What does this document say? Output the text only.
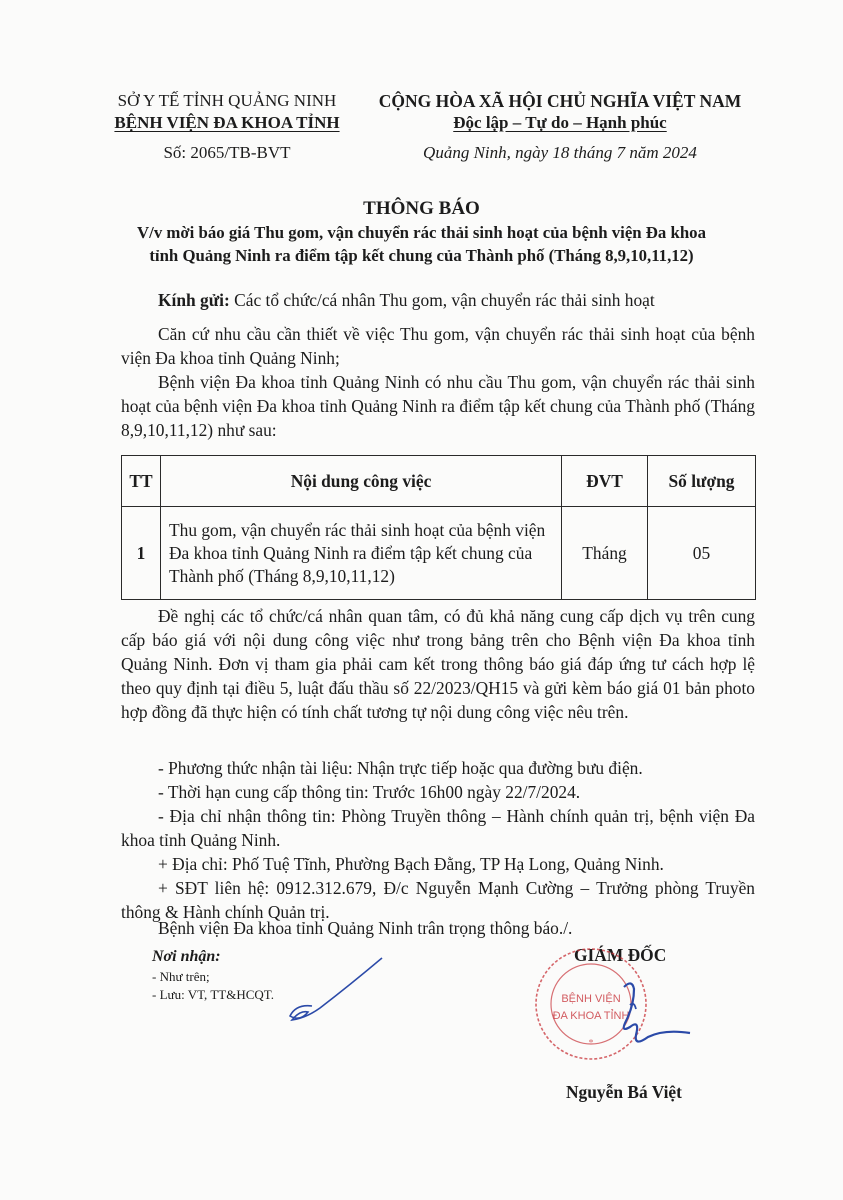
SỞ Y TẾ TỈNH QUẢNG NINH
BỆNH VIỆN ĐA KHOA TỈNH
Số: 2065/TB-BVT
CỘNG HÒA XÃ HỘI CHỦ NGHĨA VIỆT NAM
Độc lập – Tự do – Hạnh phúc
Quảng Ninh, ngày 18 tháng 7 năm 2024
THÔNG BÁO
V/v mời báo giá Thu gom, vận chuyển rác thải sinh hoạt của bệnh viện Đa khoa
tỉnh Quảng Ninh ra điểm tập kết chung của Thành phố (Tháng 8,9,10,11,12)
Kính gửi: Các tổ chức/cá nhân Thu gom, vận chuyển rác thải sinh hoạt
Căn cứ nhu cầu cần thiết về việc Thu gom, vận chuyển rác thải sinh hoạt của bệnh viện Đa khoa tỉnh Quảng Ninh;
Bệnh viện Đa khoa tỉnh Quảng Ninh có nhu cầu Thu gom, vận chuyển rác thải sinh hoạt của bệnh viện Đa khoa tỉnh Quảng Ninh ra điểm tập kết chung của Thành phố (Tháng 8,9,10,11,12) như sau:
TT	Nội dung công việc	ĐVT	Số lượng
1	Thu gom, vận chuyển rác thải sinh hoạt của bệnh viện Đa khoa tỉnh Quảng Ninh ra điểm tập kết chung của Thành phố (Tháng 8,9,10,11,12)	Tháng	05
Đề nghị các tổ chức/cá nhân quan tâm, có đủ khả năng cung cấp dịch vụ trên cung cấp báo giá với nội dung công việc như trong bảng trên cho Bệnh viện Đa khoa tỉnh Quảng Ninh. Đơn vị tham gia phải cam kết trong thông báo giá đáp ứng tư cách hợp lệ theo quy định tại điều 5, luật đấu thầu số 22/2023/QH15 và gửi kèm báo giá 01 bản photo hợp đồng đã thực hiện có tính chất tương tự nội dung công việc nêu trên.
- Phương thức nhận tài liệu: Nhận trực tiếp hoặc qua đường bưu điện.
- Thời hạn cung cấp thông tin: Trước 16h00 ngày 22/7/2024.
- Địa chỉ nhận thông tin: Phòng Truyền thông – Hành chính quản trị, bệnh viện Đa khoa tỉnh Quảng Ninh.
+ Địa chỉ: Phố Tuệ Tĩnh, Phường Bạch Đằng, TP Hạ Long, Quảng Ninh.
+ SĐT liên hệ: 0912.312.679, Đ/c Nguyễn Mạnh Cường – Trưởng phòng Truyền thông & Hành chính Quản trị.
Bệnh viện Đa khoa tỉnh Quảng Ninh trân trọng thông báo./.
Nơi nhận:
- Như trên;
- Lưu: VT, TT&HCQT.
GIÁM ĐỐC
BỆNH VIỆN
ĐA KHOA TỈNH
*
Nguyễn Bá Việt
